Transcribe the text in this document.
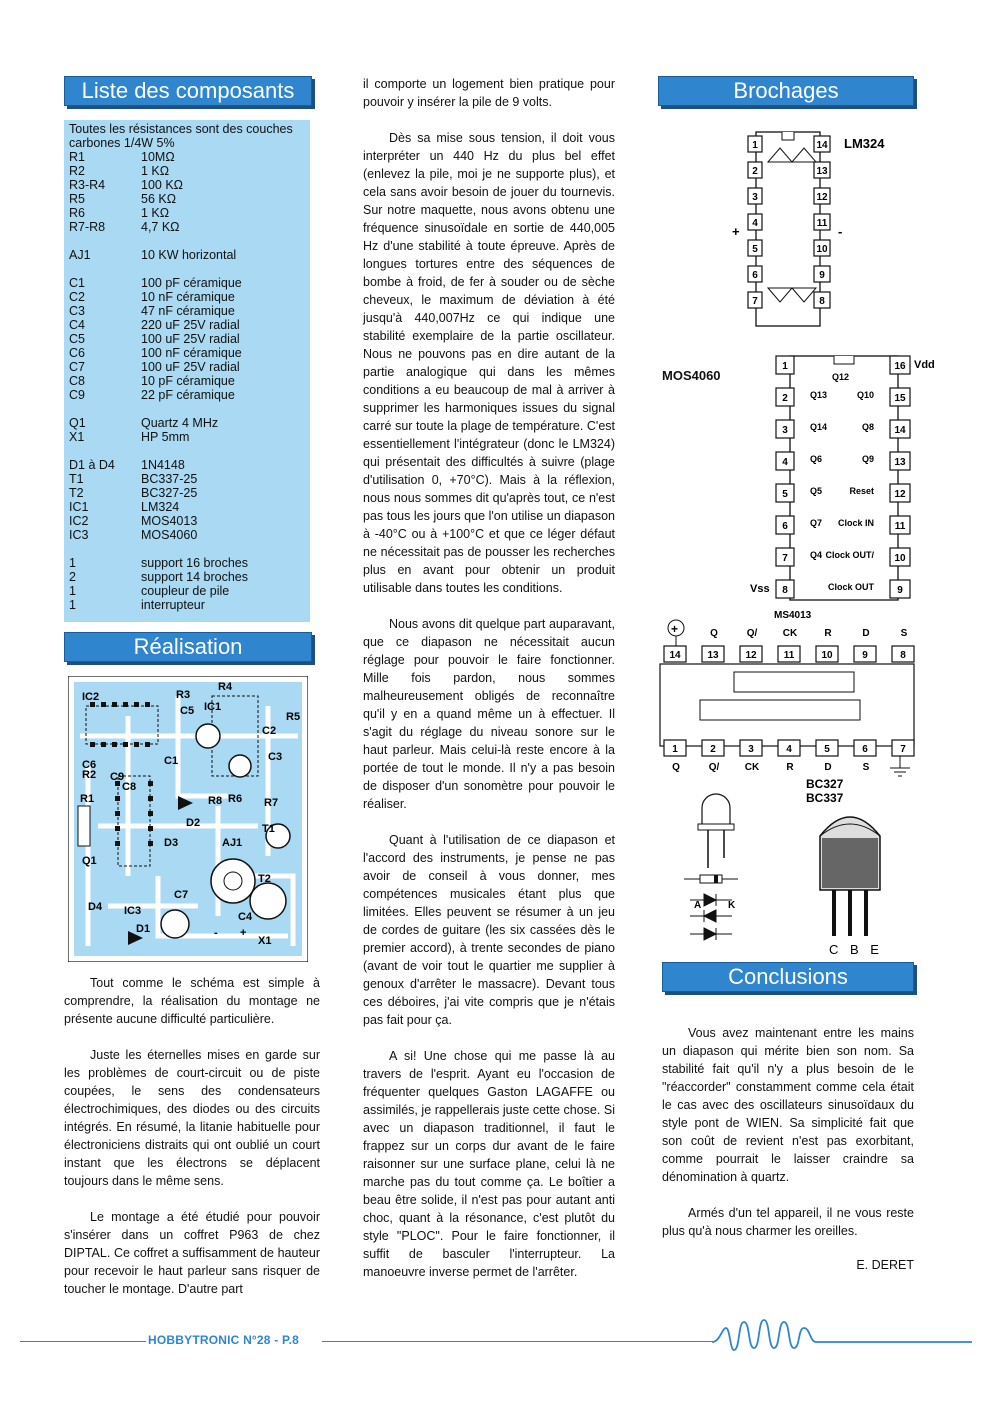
Liste des composants
Toutes les résistances sont des couches carbones 1/4W 5%
R1	10MΩ
R2	1 KΩ
R3-R4	100 KΩ
R5	56 KΩ
R6	1 KΩ
R7-R8	4,7 KΩ
AJ1	10 KW horizontal
C1	100 pF céramique
C2	10 nF céramique
C3	47 nF céramique
C4	220 uF 25V radial
C5	100 uF 25V radial
C6	100 nF céramique
C7	100 uF 25V radial
C8	10 pF céramique
C9	22 pF céramique
Q1	Quartz 4 MHz
X1	HP 5mm
D1 à D4	1N4148
T1	BC337-25
T2	BC327-25
IC1	LM324
IC2	MOS4013
IC3	MOS4060
1	support 16 broches
2	support 14 broches
1	coupleur de pile
1	interrupteur
Réalisation
IC2	R3
R4
IC1
C5	R5
C2
C3
C1
C6
R2 C9
C8
R1	R8 R6 R7
D2
D3
T1
AJ1
Q1
T2
C7
D4 IC3	C4
D1
X1
- +

Tout comme le schéma est simple à comprendre, la réalisation du montage ne présente aucune difficulté particulière.

Juste les éternelles mises en garde sur les problèmes de court-circuit ou de piste coupées, le sens des condensateurs électrochimiques, des diodes ou des circuits intégrés. En résumé, la litanie habituelle pour électroniciens distraits qui ont oublié un court instant que les électrons se déplacent toujours dans le même sens.

Le montage a été étudié pour pouvoir s'insérer dans un coffret P963 de chez DIPTAL. Ce coffret a suffisamment de hauteur pour recevoir le haut parleur sans risquer de toucher le montage. D'autre part

il comporte un logement bien pratique pour pouvoir y insérer la pile de 9 volts.

Dès sa mise sous tension, il doit vous interpréter un 440 Hz du plus bel effet (enlevez la pile, moi je ne supporte plus), et cela sans avoir besoin de jouer du tournevis. Sur notre maquette, nous avons obtenu une fréquence sinusoïdale en sortie de 440,005 Hz d'une stabilité à toute épreuve. Après de longues tortures entre des séquences de bombe à froid, de fer à souder ou de sèche cheveux, le maximum de déviation à été jusqu'à 440,007Hz ce qui indique une stabilité exemplaire de la partie oscillateur. Nous ne pouvons pas en dire autant de la partie analogique qui dans les mêmes conditions a eu beaucoup de mal à arriver à supprimer les harmoniques issues du signal carré sur toute la plage de température. C'est essentiellement l'intégrateur (donc le LM324) qui présentait des difficultés à suivre (plage d'utilisation 0, +70°C). Mais à la réflexion, nous nous sommes dit qu'après tout, ce n'est pas tous les jours que l'on utilise un diapason à -40°C ou à +100°C et que ce léger défaut ne nécessitait pas de pousser les recherches plus en avant pour obtenir un produit utilisable dans toutes les conditions.

Nous avons dit quelque part auparavant, que ce diapason ne nécessitait aucun réglage pour pouvoir le faire fonctionner. Mille fois pardon, nous sommes malheureusement obligés de reconnaître qu'il y en a quand même un à effectuer. Il s'agit du réglage du niveau sonore sur le haut parleur. Mais celui-là reste encore à la portée de tout le monde. Il n'y a pas besoin de disposer d'un sonomètre pour pouvoir le réaliser.

Quant à l'utilisation de ce diapason et l'accord des instruments, je pense ne pas avoir de conseil à vous donner, mes compétences musicales étant plus que limitées. Elles peuvent se résumer à un jeu de cordes de guitare (les six cassées dès le premier accord), à trente secondes de piano (avant de voir tout le quartier me supplier à genoux d'arrêter le massacre). Devant tous ces déboires, j'ai vite compris que je n'étais pas fait pour ça.

A si! Une chose qui me passe là au travers de l'esprit. Ayant eu l'occasion de fréquenter quelques Gaston LAGAFFE ou assimilés, je rappellerais juste cette chose. Si avec un diapason traditionnel, il faut le frappez sur un corps dur avant de le faire raisonner sur une surface plane, celui là ne marche pas du tout comme ça. Le boîtier a beau être solide, il n'est pas pour autant anti choc, quant à la résonance, c'est plutôt du style "PLOC". Pour le faire fonctionner, il suffit de basculer l'interrupteur. La manoeuvre inverse permet de l'arrêter.

Brochages
1
2
3
4
5
6
7
14
13
12
11
10
9
8
LM324
+	-
MOS4060
1
2
3
4
5
6
7
8
16
15
14
13
12
11
10
9
Vdd
Vss
Q12
Q13
Q14
Q6
Q5
Q7
Q4
Q10
Q8
Q9
Reset
Clock IN
Clock OUT/
Clock OUT
MS4013
+	Q	Q/	CK	R	D	S
14	13	12	11	10	9	8
1	2	3	4	5	6	7
Q	Q/	CK	R	D	S
A	K
BC327
BC337
C B E
Conclusions

Vous avez maintenant entre les mains un diapason qui mérite bien son nom. Sa stabilité fait qu'il n'y a plus besoin de le "réaccorder" constamment comme cela était le cas avec des oscillateurs sinusoïdaux du style pont de WIEN. Sa simplicité fait que son coût de revient n'est pas exorbitant, comme pourrait le laisser craindre sa dénomination à quartz.

Armés d'un tel appareil, il ne vous reste plus qu'à nous charmer les oreilles.

E. DERET
HOBBYTRONIC N°28 - P.8
